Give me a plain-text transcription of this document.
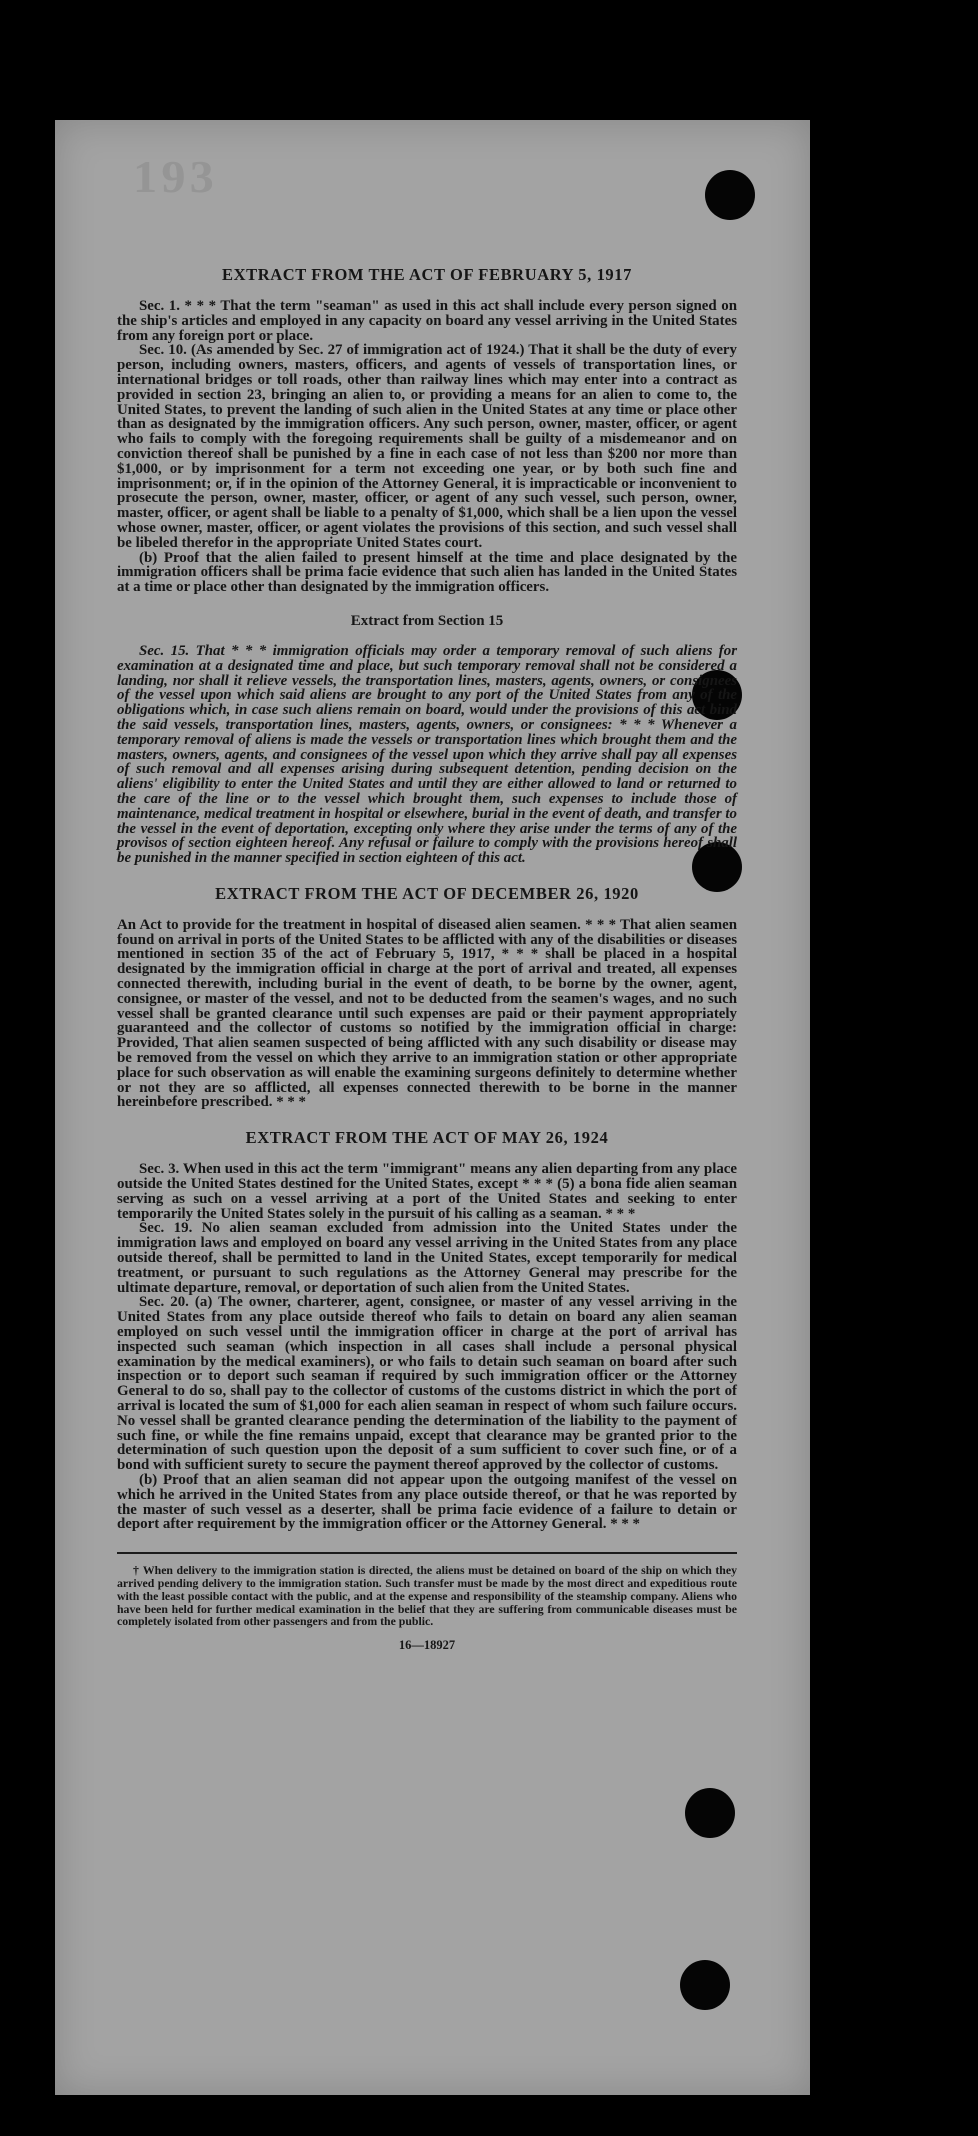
193
EXTRACT FROM THE ACT OF FEBRUARY 5, 1917

Sec. 1. * * * That the term "seaman" as used in this act shall include every person signed on the ship's articles and employed in any capacity on board any vessel arriving in the United States from any foreign port or place.

Sec. 10. (As amended by Sec. 27 of immigration act of 1924.) That it shall be the duty of every person, including owners, masters, officers, and agents of vessels of transportation lines, or international bridges or toll roads, other than railway lines which may enter into a contract as provided in section 23, bringing an alien to, or providing a means for an alien to come to, the United States, to prevent the landing of such alien in the United States at any time or place other than as designated by the immigration officers. Any such person, owner, master, officer, or agent who fails to comply with the foregoing requirements shall be guilty of a misdemeanor and on conviction thereof shall be punished by a fine in each case of not less than $200 nor more than $1,000, or by imprisonment for a term not exceeding one year, or by both such fine and imprisonment; or, if in the opinion of the Attorney General, it is impracticable or inconvenient to prosecute the person, owner, master, officer, or agent of any such vessel, such person, owner, master, officer, or agent shall be liable to a penalty of $1,000, which shall be a lien upon the vessel whose owner, master, officer, or agent violates the provisions of this section, and such vessel shall be libeled therefor in the appropriate United States court.

(b) Proof that the alien failed to present himself at the time and place designated by the immigration officers shall be prima facie evidence that such alien has landed in the United States at a time or place other than designated by the immigration officers.

Extract from Section 15

Sec. 15. That * * * immigration officials may order a temporary removal of such aliens for examination at a designated time and place, but such temporary removal shall not be considered a landing, nor shall it relieve vessels, the transportation lines, masters, agents, owners, or consignees of the vessel upon which said aliens are brought to any port of the United States from any of the obligations which, in case such aliens remain on board, would under the provisions of this act bind the said vessels, transportation lines, masters, agents, owners, or consignees: * * * Whenever a temporary removal of aliens is made the vessels or transportation lines which brought them and the masters, owners, agents, and consignees of the vessel upon which they arrive shall pay all expenses of such removal and all expenses arising during subsequent detention, pending decision on the aliens' eligibility to enter the United States and until they are either allowed to land or returned to the care of the line or to the vessel which brought them, such expenses to include those of maintenance, medical treatment in hospital or elsewhere, burial in the event of death, and transfer to the vessel in the event of deportation, excepting only where they arise under the terms of any of the provisos of section eighteen hereof. Any refusal or failure to comply with the provisions hereof shall be punished in the manner specified in section eighteen of this act.

EXTRACT FROM THE ACT OF DECEMBER 26, 1920

An Act to provide for the treatment in hospital of diseased alien seamen. * * * That alien seamen found on arrival in ports of the United States to be afflicted with any of the disabilities or diseases mentioned in section 35 of the act of February 5, 1917, * * * shall be placed in a hospital designated by the immigration official in charge at the port of arrival and treated, all expenses connected therewith, including burial in the event of death, to be borne by the owner, agent, consignee, or master of the vessel, and not to be deducted from the seamen's wages, and no such vessel shall be granted clearance until such expenses are paid or their payment appropriately guaranteed and the collector of customs so notified by the immigration official in charge: Provided, That alien seamen suspected of being afflicted with any such disability or disease may be removed from the vessel on which they arrive to an immigration station or other appropriate place for such observation as will enable the examining surgeons definitely to determine whether or not they are so afflicted, all expenses connected therewith to be borne in the manner hereinbefore prescribed. * * *

EXTRACT FROM THE ACT OF MAY 26, 1924

Sec. 3. When used in this act the term "immigrant" means any alien departing from any place outside the United States destined for the United States, except * * * (5) a bona fide alien seaman serving as such on a vessel arriving at a port of the United States and seeking to enter temporarily the United States solely in the pursuit of his calling as a seaman. * * *

Sec. 19. No alien seaman excluded from admission into the United States under the immigration laws and employed on board any vessel arriving in the United States from any place outside thereof, shall be permitted to land in the United States, except temporarily for medical treatment, or pursuant to such regulations as the Attorney General may prescribe for the ultimate departure, removal, or deportation of such alien from the United States.

Sec. 20. (a) The owner, charterer, agent, consignee, or master of any vessel arriving in the United States from any place outside thereof who fails to detain on board any alien seaman employed on such vessel until the immigration officer in charge at the port of arrival has inspected such seaman (which inspection in all cases shall include a personal physical examination by the medical examiners), or who fails to detain such seaman on board after such inspection or to deport such seaman if required by such immigration officer or the Attorney General to do so, shall pay to the collector of customs of the customs district in which the port of arrival is located the sum of $1,000 for each alien seaman in respect of whom such failure occurs. No vessel shall be granted clearance pending the determination of the liability to the payment of such fine, or while the fine remains unpaid, except that clearance may be granted prior to the determination of such question upon the deposit of a sum sufficient to cover such fine, or of a bond with sufficient surety to secure the payment thereof approved by the collector of customs.

(b) Proof that an alien seaman did not appear upon the outgoing manifest of the vessel on which he arrived in the United States from any place outside thereof, or that he was reported by the master of such vessel as a deserter, shall be prima facie evidence of a failure to detain or deport after requirement by the immigration officer or the Attorney General. * * *

† When delivery to the immigration station is directed, the aliens must be detained on board of the ship on which they arrived pending delivery to the immigration station. Such transfer must be made by the most direct and expeditious route with the least possible contact with the public, and at the expense and responsibility of the steamship company. Aliens who have been held for further medical examination in the belief that they are suffering from communicable diseases must be completely isolated from other passengers and from the public.

16—18927
